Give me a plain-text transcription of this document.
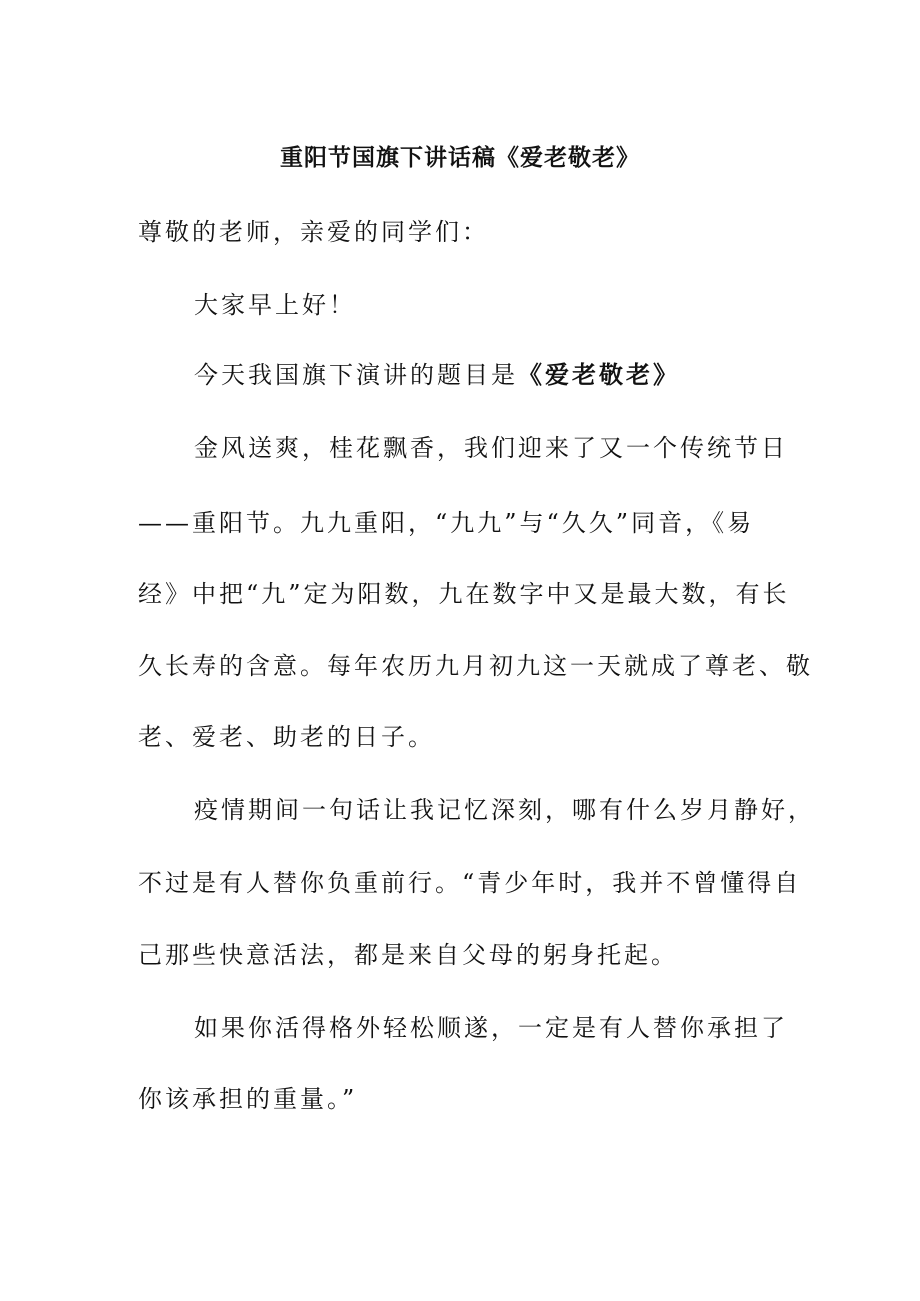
重阳节国旗下讲话稿《爱老敬老》
尊敬的老师，亲爱的同学们：
大家早上好！
今天我国旗下演讲的题目是《爱老敬老》
金风送爽，桂花飘香，我们迎来了又一个传统节日
——重阳节。九九重阳，“九九”与“久久”同音，《易
经》中把“九”定为阳数，九在数字中又是最大数，有长
久长寿的含意。每年农历九月初九这一天就成了尊老、敬
老、爱老、助老的日子。
疫情期间一句话让我记忆深刻，哪有什么岁月静好，
不过是有人替你负重前行。“青少年时，我并不曾懂得自
己那些快意活法，都是来自父母的躬身托起。
如果你活得格外轻松顺遂，一定是有人替你承担了
你该承担的重量。”
